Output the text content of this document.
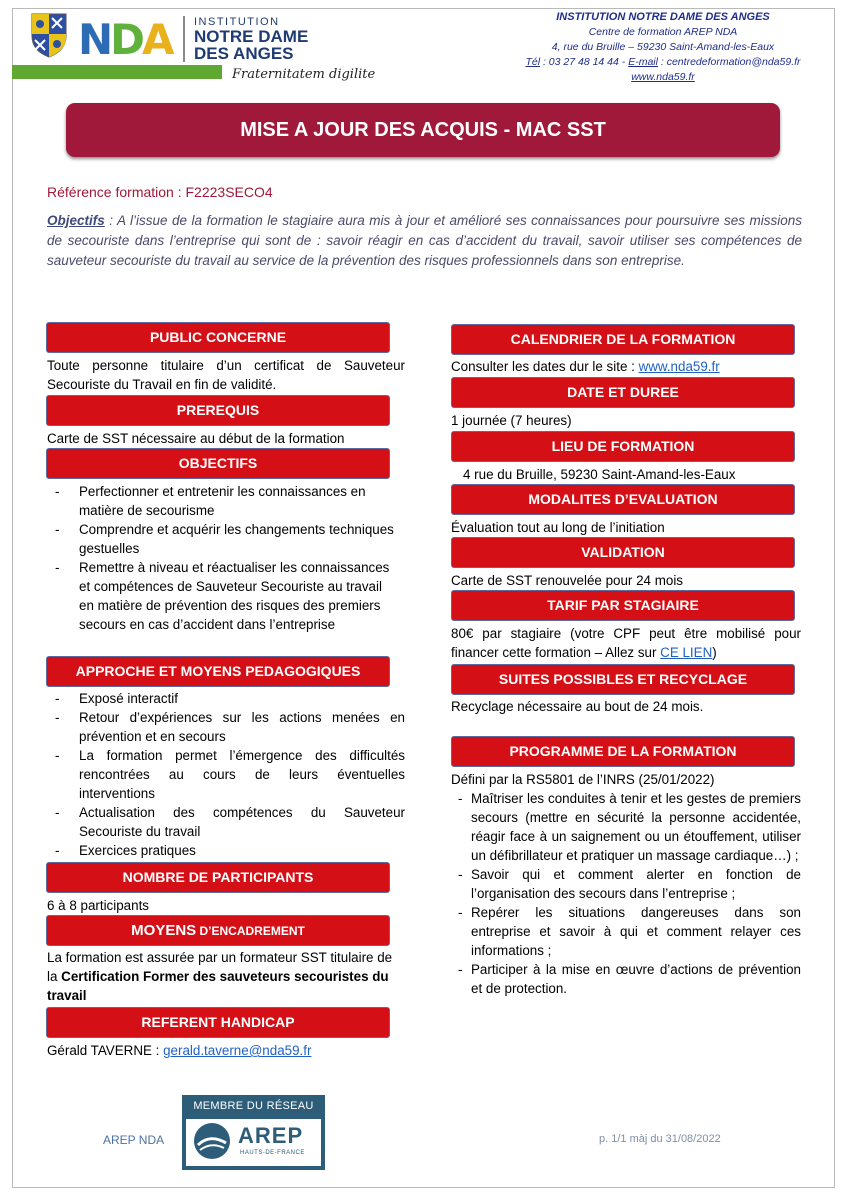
NDA INSTITUTION
NOTRE DAME
DES ANGES
Fraternitatem digilite
INSTITUTION NOTRE DAME DES ANGES
Centre de formation AREP NDA
4, rue du Bruille – 59230 Saint-Amand-les-Eaux
Tél : 03 27 48 14 44 - E-mail : centredeformation@nda59.fr
www.nda59.fr
MISE A JOUR DES ACQUIS - MAC SST
Référence formation : F2223SECO4
Objectifs : A l’issue de la formation le stagiaire aura mis à jour et amélioré ses connaissances pour poursuivre ses missions de secouriste dans l’entreprise qui sont de : savoir réagir en cas d’accident du travail, savoir utiliser ses compétences de sauveteur secouriste du travail au service de la prévention des risques professionnels dans son entreprise.
PUBLIC CONCERNE
Toute personne titulaire d’un certificat de Sauveteur Secouriste du Travail en fin de validité.
PREREQUIS
Carte de SST nécessaire au début de la formation
OBJECTIFS
- Perfectionner et entretenir les connaissances en matière de secourisme
- Comprendre et acquérir les changements techniques gestuelles
- Remettre à niveau et réactualiser les connaissances et compétences de Sauveteur Secouriste au travail en matière de prévention des risques des premiers secours en cas d’accident dans l’entreprise
APPROCHE ET MOYENS PEDAGOGIQUES
- Exposé interactif
- Retour d’expériences sur les actions menées en prévention et en secours
- La formation permet l’émergence des difficultés rencontrées au cours de leurs éventuelles interventions
- Actualisation des compétences du Sauveteur Secouriste du travail
- Exercices pratiques
NOMBRE DE PARTICIPANTS
6 à 8 participants
MOYENS D’ENCADREMENT
La formation est assurée par un formateur SST titulaire de la Certification Former des sauveteurs secouristes du travail
REFERENT HANDICAP
Gérald TAVERNE : gerald.taverne@nda59.fr
CALENDRIER DE LA FORMATION
Consulter les dates dur le site : www.nda59.fr
DATE ET DUREE
1 journée (7 heures)
LIEU DE FORMATION
4 rue du Bruille, 59230 Saint-Amand-les-Eaux
MODALITES D’EVALUATION
Évaluation tout au long de l’initiation
VALIDATION
Carte de SST renouvelée pour 24 mois
TARIF PAR STAGIAIRE
80€ par stagiaire (votre CPF peut être mobilisé pour financer cette formation – Allez sur CE LIEN)
SUITES POSSIBLES ET RECYCLAGE
Recyclage nécessaire au bout de 24 mois.
PROGRAMME DE LA FORMATION
Défini par la RS5801 de l’INRS (25/01/2022)
- Maîtriser les conduites à tenir et les gestes de premiers secours (mettre en sécurité la personne accidentée, réagir face à un saignement ou un étouffement, utiliser un défibrillateur et pratiquer un massage cardiaque…) ;
- Savoir qui et comment alerter en fonction de l’organisation des secours dans l’entreprise ;
- Repérer les situations dangereuses dans son entreprise et savoir à qui et comment relayer ces informations ;
- Participer à la mise en œuvre d’actions de prévention et de protection.
AREP NDA
MEMBRE DU RÉSEAU
AREP
HAUTS-DE-FRANCE
p. 1/1 màj du 31/08/2022
